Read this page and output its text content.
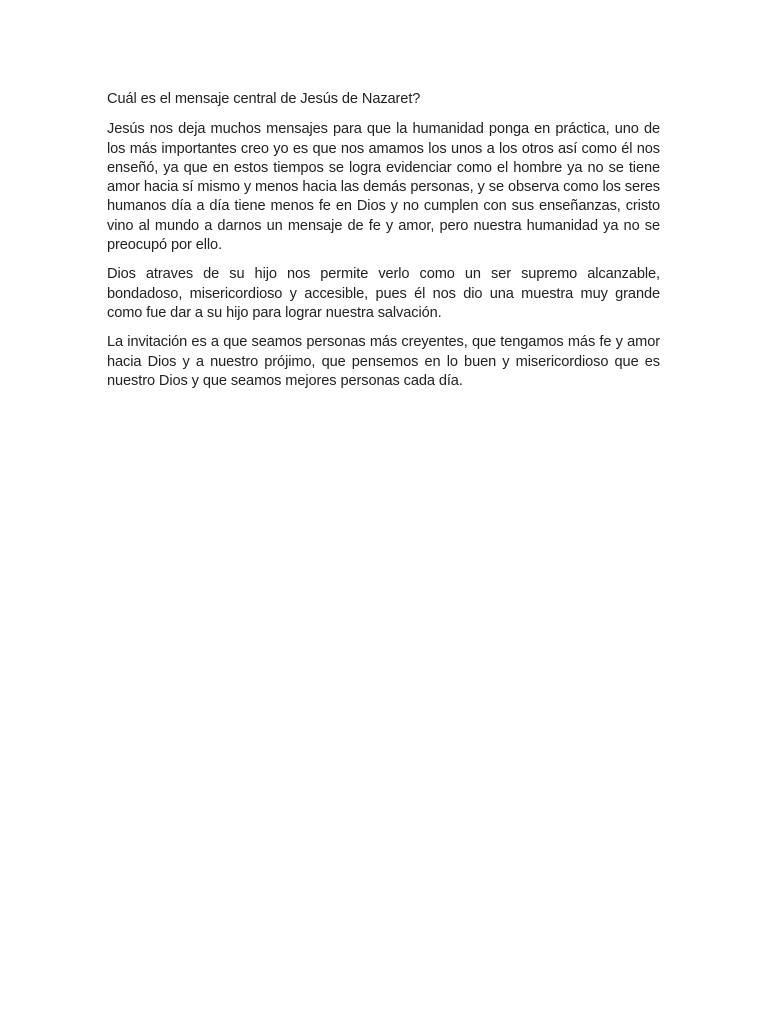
Cuál es el mensaje central de Jesús de Nazaret?

Jesús nos deja muchos mensajes para que la humanidad ponga en práctica, uno de los más importantes creo yo es que nos amamos los unos a los otros así como él nos enseñó, ya que en estos tiempos se logra evidenciar como el hombre ya no se tiene amor hacia sí mismo y menos hacia las demás personas, y se observa como los seres humanos día a día tiene menos fe en Dios y no cumplen con sus enseñanzas, cristo vino al mundo a darnos un mensaje de fe y amor, pero nuestra humanidad ya no se preocupó por ello.

Dios atraves de su hijo nos permite verlo como un ser supremo alcanzable, bondadoso, misericordioso y accesible, pues él nos dio una muestra muy grande como fue dar a su hijo para lograr nuestra salvación.

La invitación es a que seamos personas más creyentes, que tengamos más fe y amor hacia Dios y a nuestro prójimo, que pensemos en lo buen y misericordioso que es nuestro Dios y que seamos mejores personas cada día.
